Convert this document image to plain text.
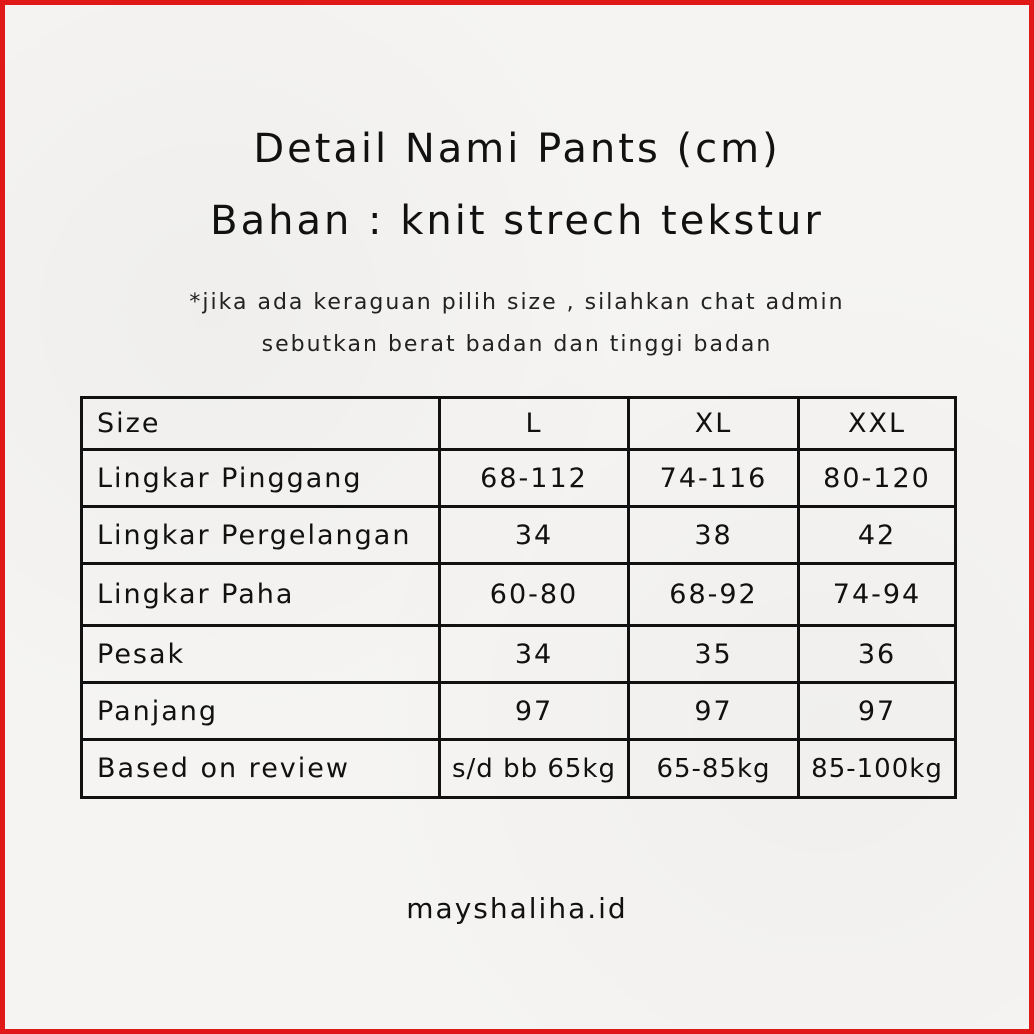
Detail Nami Pants (cm)
Bahan : knit strech tekstur
*jika ada keraguan pilih size , silahkan chat admin
sebutkan berat badan dan tinggi badan
Size	L	XL	XXL
Lingkar Pinggang	68-112	74-116	80-120
Lingkar Pergelangan	34	38	42
Lingkar Paha	60-80	68-92	74-94
Pesak	34	35	36
Panjang	97	97	97
Based on review	s/d bb 65kg	65-85kg	85-100kg
mayshaliha.id
